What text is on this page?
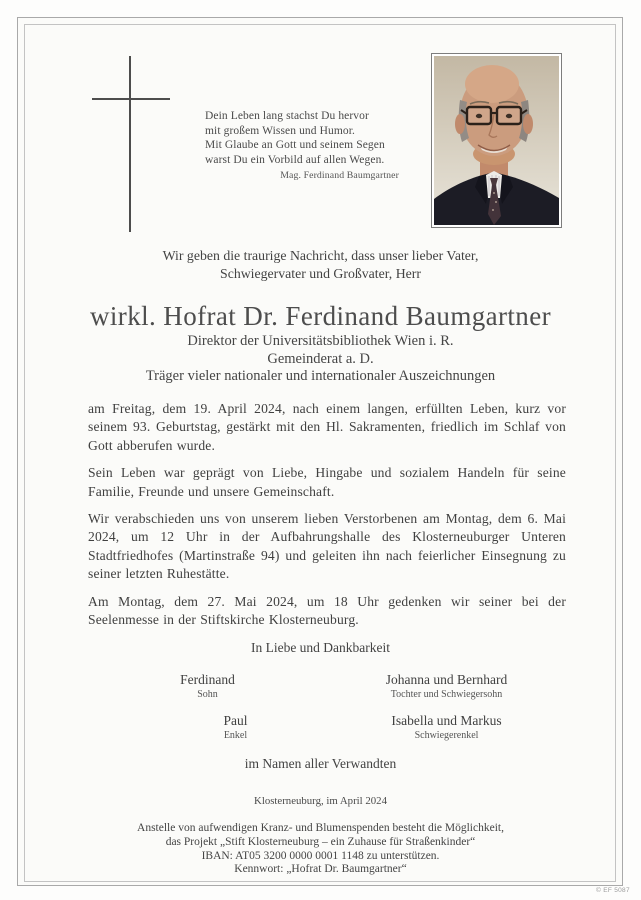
Dein Leben lang stachst Du hervor
mit großem Wissen und Humor.
Mit Glaube an Gott und seinem Segen
warst Du ein Vorbild auf allen Wegen.
Mag. Ferdinand Baumgartner
Wir geben die traurige Nachricht, dass unser lieber Vater,
Schwiegervater und Großvater, Herr
wirkl. Hofrat Dr. Ferdinand Baumgartner
Direktor der Universitätsbibliothek Wien i. R.
Gemeinderat a. D.
Träger vieler nationaler und internationaler Auszeichnungen

am Freitag, dem 19. April 2024, nach einem langen, erfüllten Leben, kurz vor seinem 93. Geburtstag, gestärkt mit den Hl. Sakramenten, friedlich im Schlaf von Gott abberufen wurde.

Sein Leben war geprägt von Liebe, Hingabe und sozialem Handeln für seine Familie, Freunde und unsere Gemeinschaft.

Wir verabschieden uns von unserem lieben Verstorbenen am Montag, dem 6. Mai 2024, um 12 Uhr in der Aufbahrungshalle des Klosterneuburger Unteren Stadtfriedhofes (Martinstraße 94) und geleiten ihn nach feierlicher Einsegnung zu seiner letzten Ruhestätte.

Am Montag, dem 27. Mai 2024, um 18 Uhr gedenken wir seiner bei der Seelenmesse in der Stiftskirche Klosterneuburg.

In Liebe und Dankbarkeit
Ferdinand
Sohn
Johanna und Bernhard
Tochter und Schwiegersohn
Paul
Enkel
Isabella und Markus
Schwiegerenkel
im Namen aller Verwandten
Klosterneuburg, im April 2024
Anstelle von aufwendigen Kranz- und Blumenspenden besteht die Möglichkeit,
das Projekt „Stift Klosterneuburg – ein Zuhause für Straßenkinder“
IBAN: AT05 3200 0000 0001 1148 zu unterstützen.
Kennwort: „Hofrat Dr. Baumgartner“
© EF 5087
